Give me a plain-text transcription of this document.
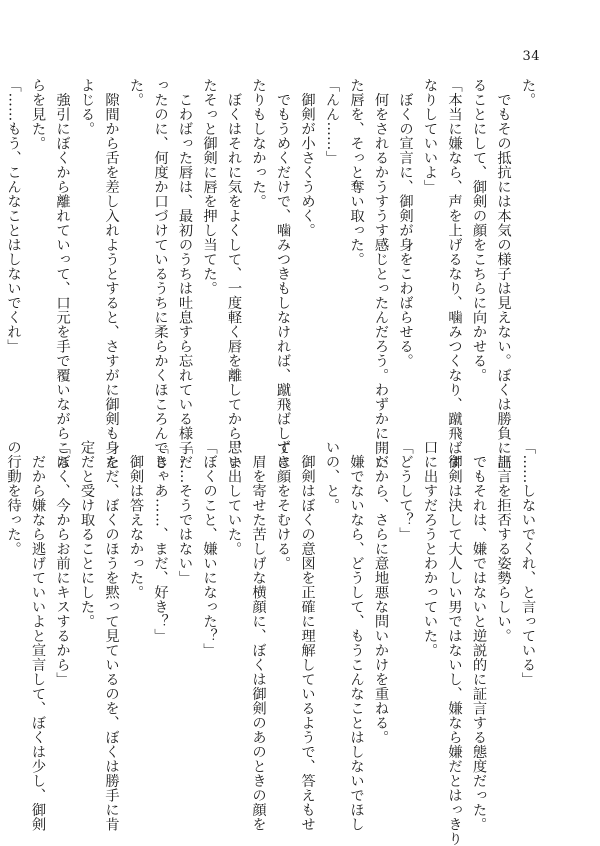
34

た。

　でもその抵抗には本気の様子は見えない。ぼくは勝負に出

ることにして、御剣の顔をこちらに向かせる。

「本当に嫌なら、声を上げるなり、噛みつくなり、蹴飛ばす

なりしていいよ」

　ぼくの宣言に、御剣が身をこわばらせる。

　何をされるかうすうす感じとったんだろう。わずかに開い

た唇を、そっと奪い取った。

「んん……」

　御剣が小さくうめく。

　でもうめくだけで、噛みつきもしなければ、蹴飛ばしてき

たりもしなかった。

　ぼくはそれに気をよくして、一度軽く唇を離してから、ま

たそっと御剣に唇を押し当てた。

　こわばった唇は、最初のうちは吐息すら忘れている様子だ

ったのに、何度か口づけているうちに柔らかくほころんでき

た。

　隙間から舌を差し入れようとすると、さすがに御剣も身を

よじる。

　強引にぼくから離れていって、口元を手で覆いながらこち

らを見た。

「……もう、こんなことはしないでくれ」

「……しないでくれ、と言っている」

　証言を拒否する姿勢らしい。

　でもそれは、嫌ではないと逆説的に証言する態度だった。

　御剣は決して大人しい男ではないし、嫌なら嫌だとはっきり

口に出すだろうとわかっていた。

「どうして？」

　だから、さらに意地悪な問いかけを重ねる。

　嫌でないなら、どうして、もうこんなことはしないでほし

いの、と。

　御剣はぼくの意図を正確に理解しているようで、答えもせ

ずに顔をそむける。

　眉を寄せた苦しげな横顔に、ぼくは御剣のあのときの顔を

思い出していた。

「ぼくのこと、嫌いになった？」

「……そうではない」

「じゃあ……、まだ、好き？」

　御剣は答えなかった。

　ただ、ぼくのほうを黙って見ているのを、ぼくは勝手に肯

定だと受け取ることにした。

「ぼく、今からお前にキスするから」

　だから嫌なら逃げていいよと宣言して、ぼくは少し、御剣

の行動を待った。
